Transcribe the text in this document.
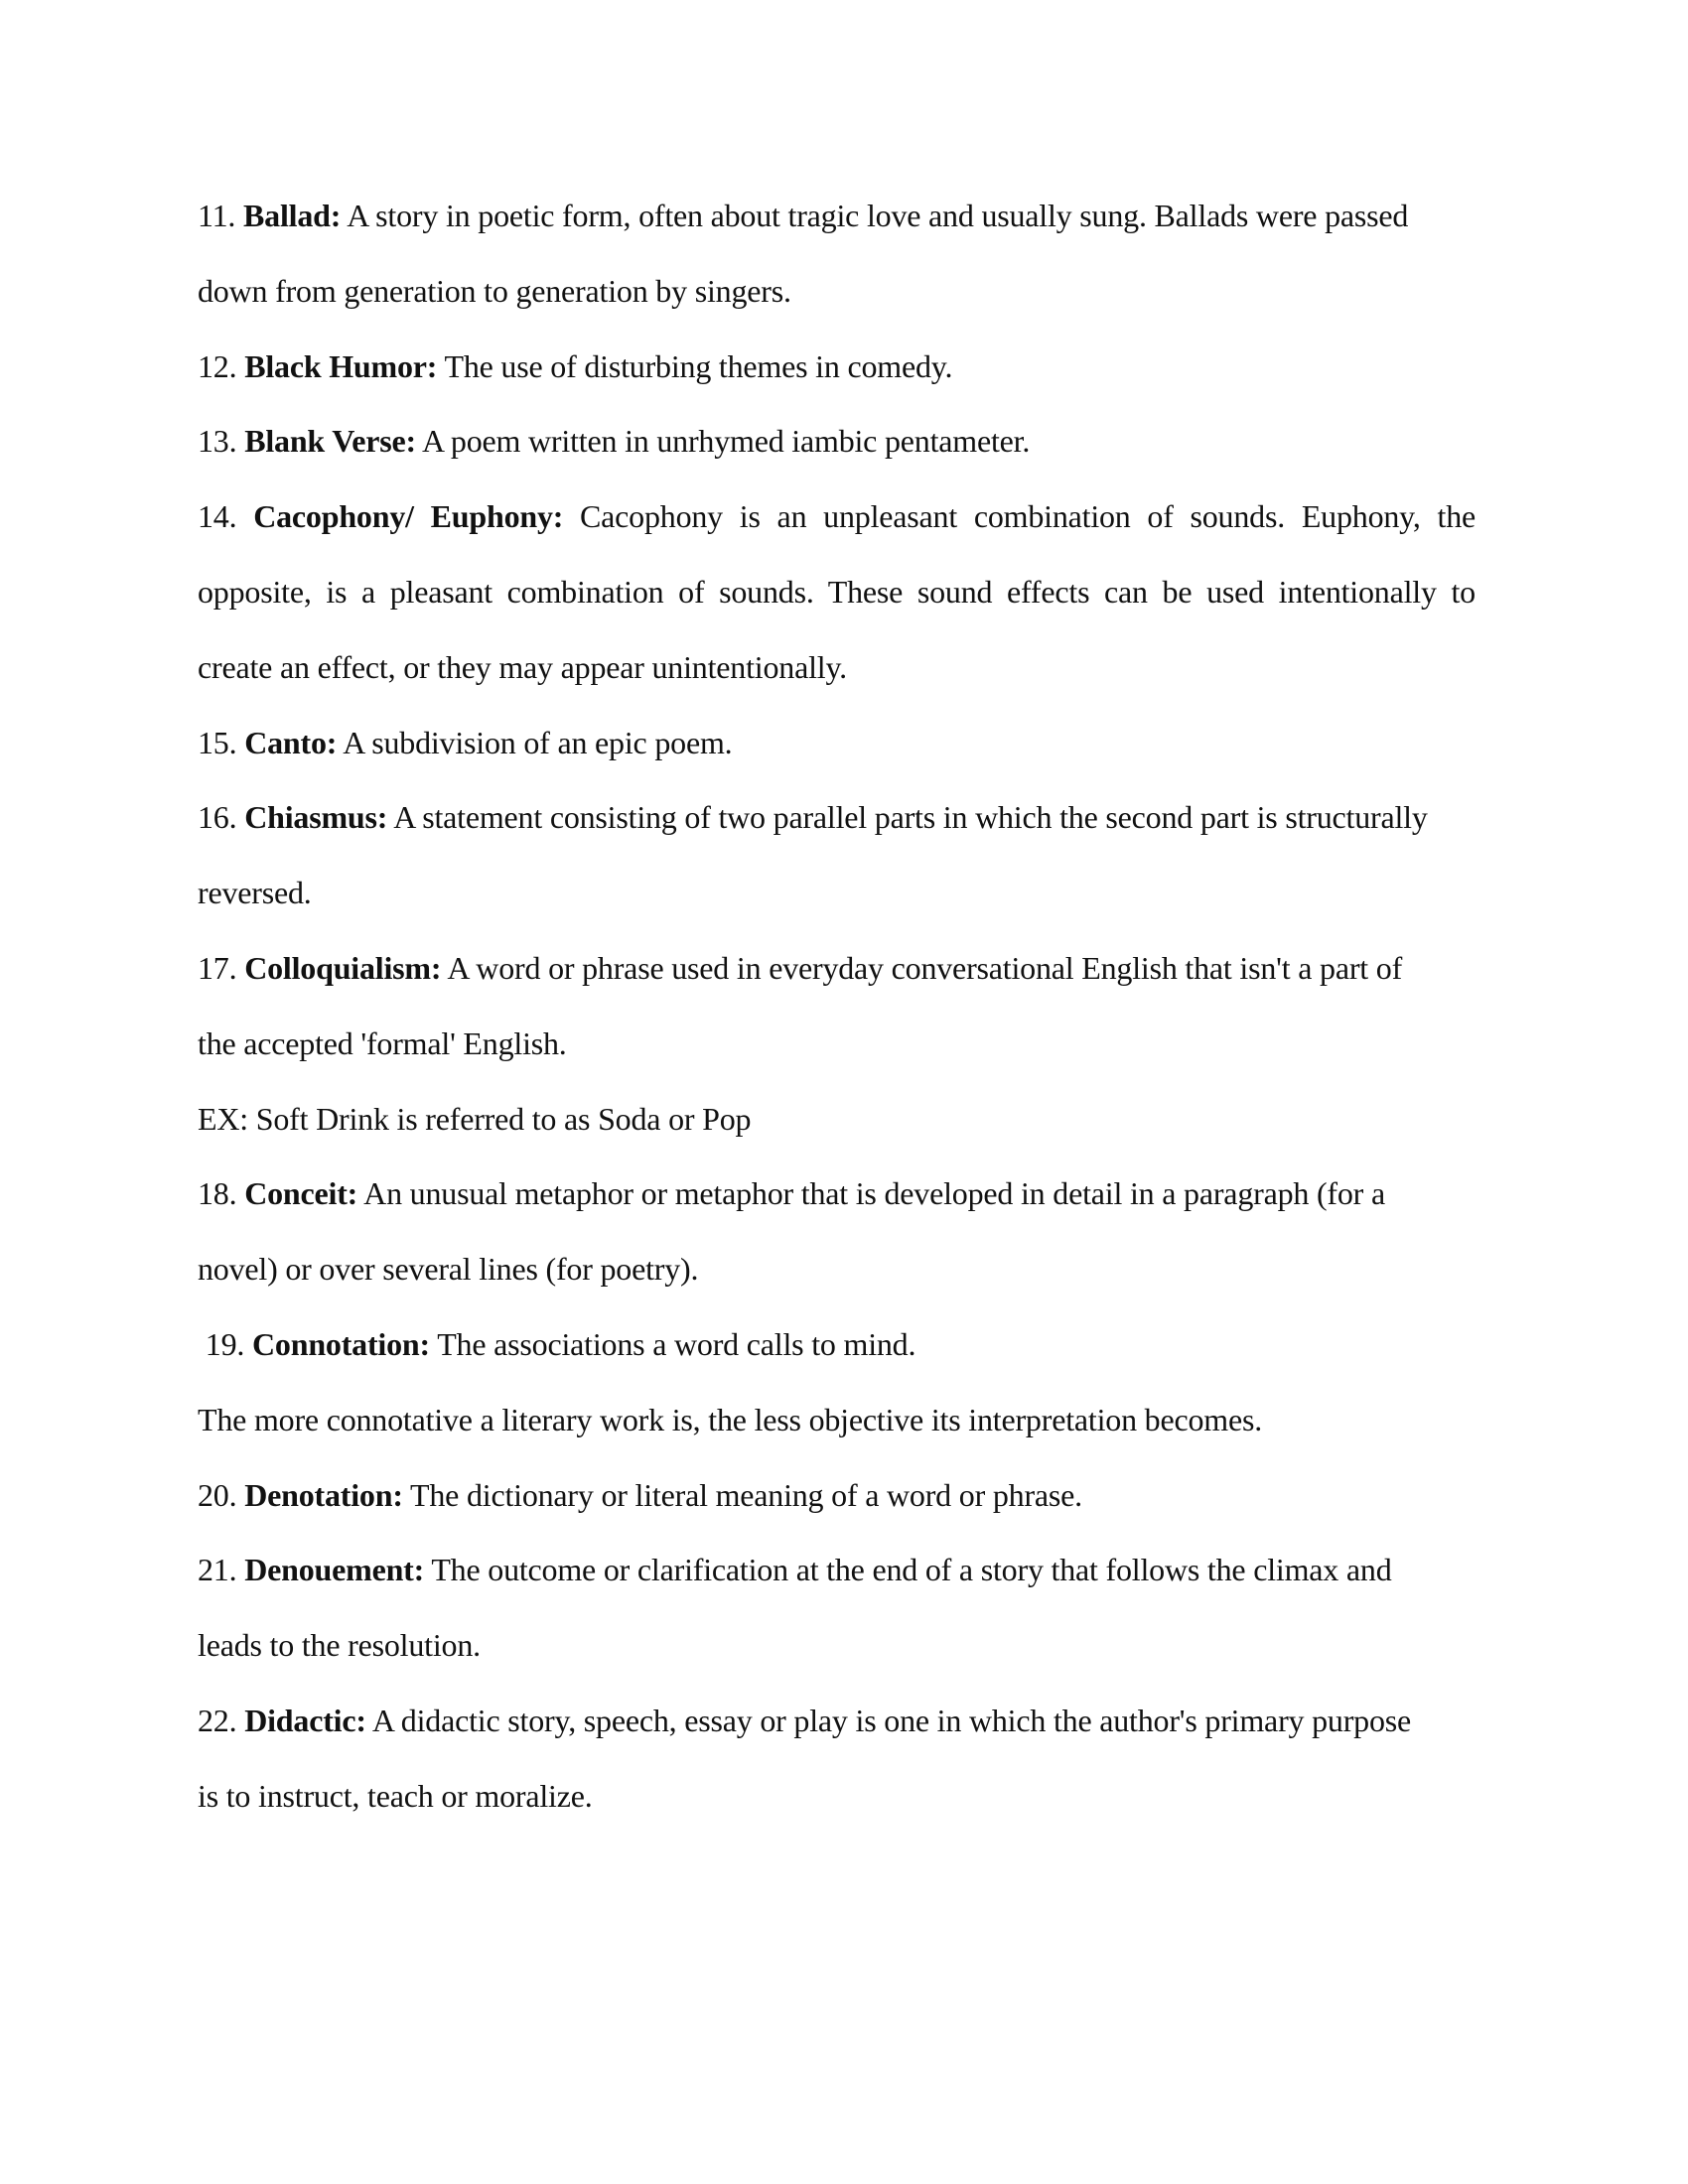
11. Ballad: A story in poetic form, often about tragic love and usually sung. Ballads were passed
down from generation to generation by singers.
12. Black Humor: The use of disturbing themes in comedy.
13. Blank Verse: A poem written in unrhymed iambic pentameter.
14. Cacophony/ Euphony: Cacophony is an unpleasant combination of sounds. Euphony, the
opposite, is a pleasant combination of sounds. These sound effects can be used intentionally to
create an effect, or they may appear unintentionally.
15. Canto: A subdivision of an epic poem.
16. Chiasmus: A statement consisting of two parallel parts in which the second part is structurally
reversed.
17. Colloquialism: A word or phrase used in everyday conversational English that isn't a part of
the accepted 'formal' English.
EX: Soft Drink is referred to as Soda or Pop
18. Conceit: An unusual metaphor or metaphor that is developed in detail in a paragraph (for a
novel) or over several lines (for poetry).
19. Connotation: The associations a word calls to mind.
The more connotative a literary work is, the less objective its interpretation becomes.
20. Denotation: The dictionary or literal meaning of a word or phrase.
21. Denouement: The outcome or clarification at the end of a story that follows the climax and
leads to the resolution.
22. Didactic: A didactic story, speech, essay or play is one in which the author's primary purpose
is to instruct, teach or moralize.
